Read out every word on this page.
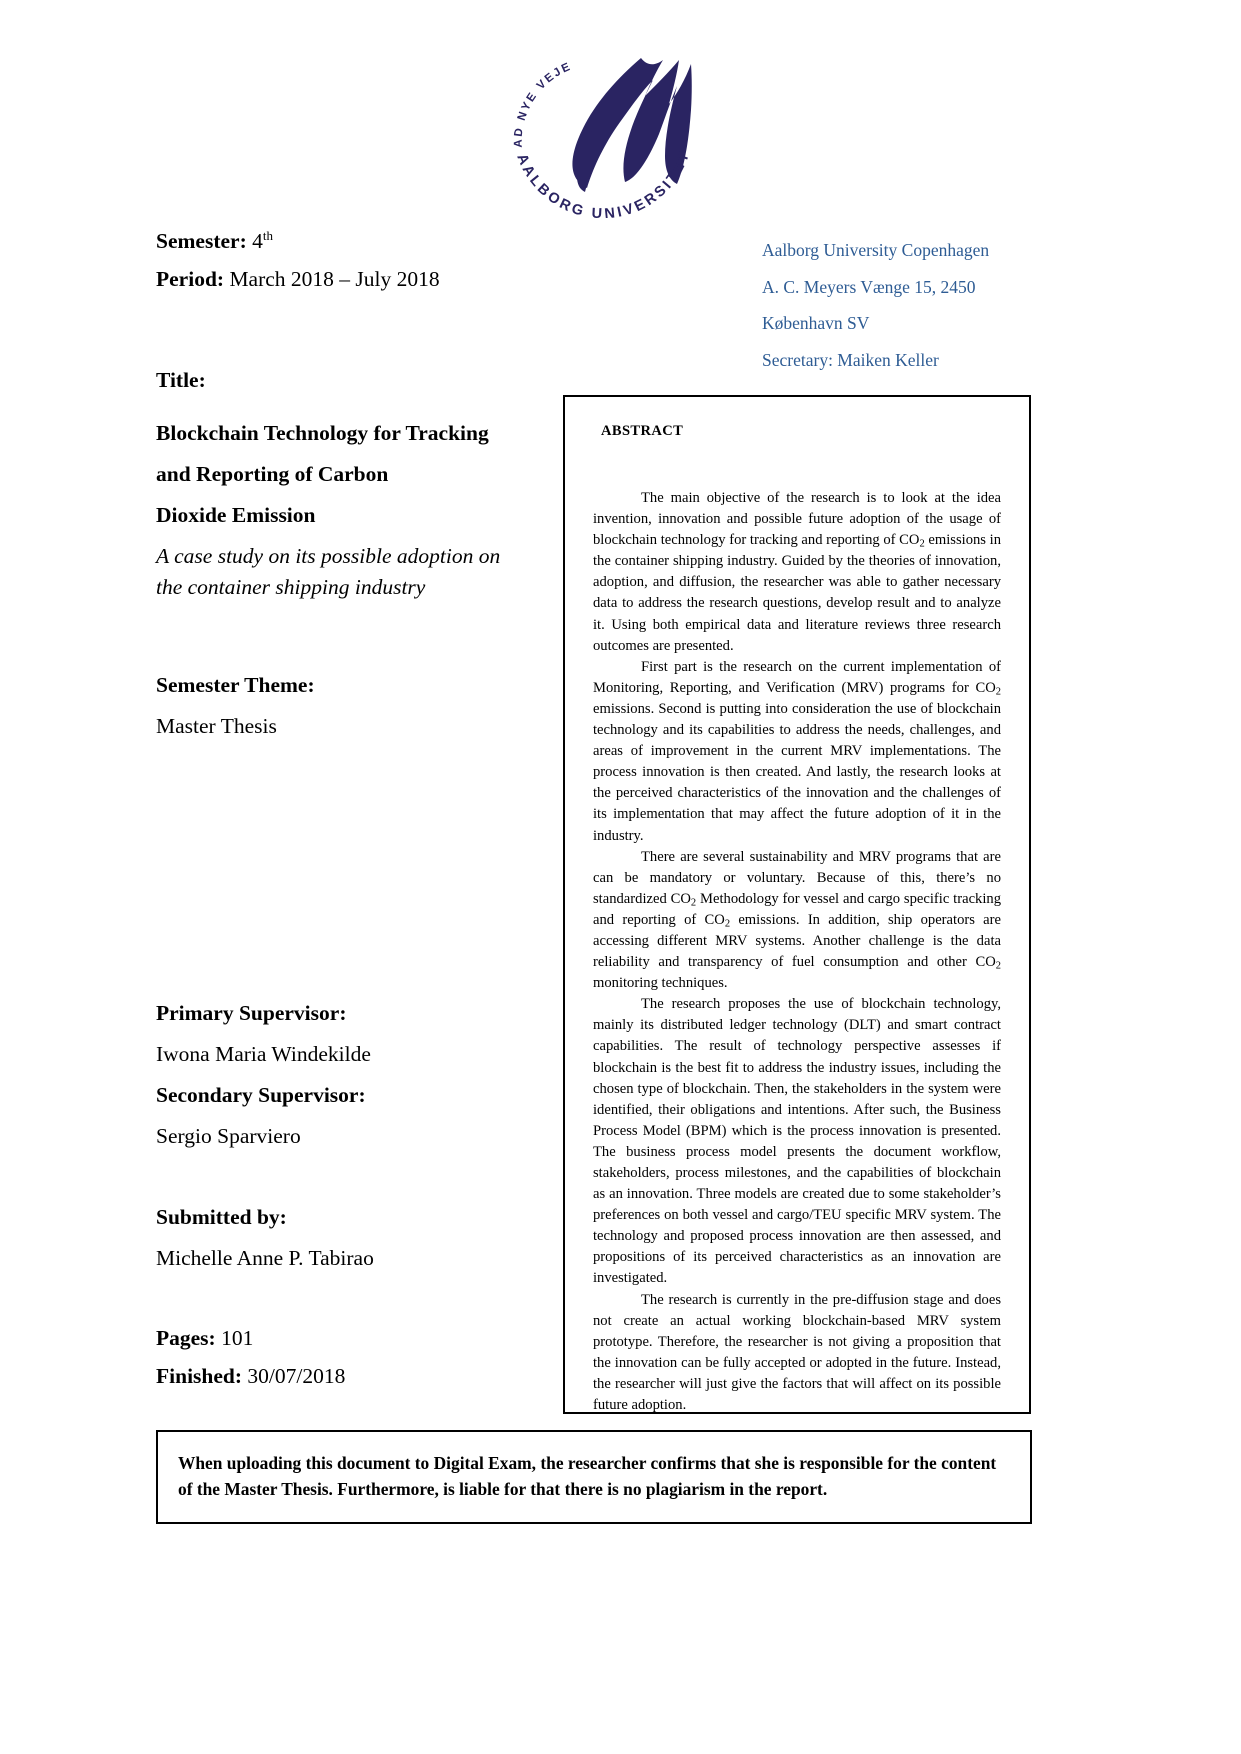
AD NYE VEJE
AALBORG UNIVERSITET
Semester: 4th
Period: March 2018 – July 2018
Aalborg University Copenhagen
A. C. Meyers Vænge 15, 2450
København SV
Secretary: Maiken Keller
Title:
Blockchain Technology for Tracking
and Reporting of Carbon
Dioxide Emission
A case study on its possible adoption on
the container shipping industry
Semester Theme:
Master Thesis
Primary Supervisor:
Iwona Maria Windekilde
Secondary Supervisor:
Sergio Sparviero
Submitted by:
Michelle Anne P. Tabirao
Pages: 101
Finished: 30/07/2018
ABSTRACT

The main objective of the research is to look at the idea invention, innovation and possible future adoption of the usage of blockchain technology for tracking and reporting of $CO_2$ emissions in the container shipping industry. Guided by the theories of innovation, adoption, and diffusion, the researcher was able to gather necessary data to address the research questions, develop result and to analyze it. Using both empirical data and literature reviews three research outcomes are presented.

First part is the research on the current implementation of Monitoring, Reporting, and Verification (MRV) programs for $CO_2$ emissions. Second is putting into consideration the use of blockchain technology and its capabilities to address the needs, challenges, and areas of improvement in the current MRV implementations. The process innovation is then created. And lastly, the research looks at the perceived characteristics of the innovation and the challenges of its implementation that may affect the future adoption of it in the industry.

There are several sustainability and MRV programs that are can be mandatory or voluntary. Because of this, there’s no standardized $CO_2$ Methodology for vessel and cargo specific tracking and reporting of $CO_2$ emissions. In addition, ship operators are accessing different MRV systems. Another challenge is the data reliability and transparency of fuel consumption and other $CO_2$ monitoring techniques.

The research proposes the use of blockchain technology, mainly its distributed ledger technology (DLT) and smart contract capabilities. The result of technology perspective assesses if blockchain is the best fit to address the industry issues, including the chosen type of blockchain. Then, the stakeholders in the system were identified, their obligations and intentions. After such, the Business Process Model (BPM) which is the process innovation is presented. The business process model presents the document workflow, stakeholders, process milestones, and the capabilities of blockchain as an innovation. Three models are created due to some stakeholder’s preferences on both vessel and cargo/TEU specific MRV system. The technology and proposed process innovation are then assessed, and propositions of its perceived characteristics as an innovation are investigated.

The research is currently in the pre-diffusion stage and does not create an actual working blockchain-based MRV system prototype. Therefore, the researcher is not giving a proposition that the innovation can be fully accepted or adopted in the future. Instead, the researcher will just give the factors that will affect on its possible future adoption.

When uploading this document to Digital Exam, the researcher confirms that she is responsible for the content of the Master Thesis. Furthermore, is liable for that there is no plagiarism in the report.
